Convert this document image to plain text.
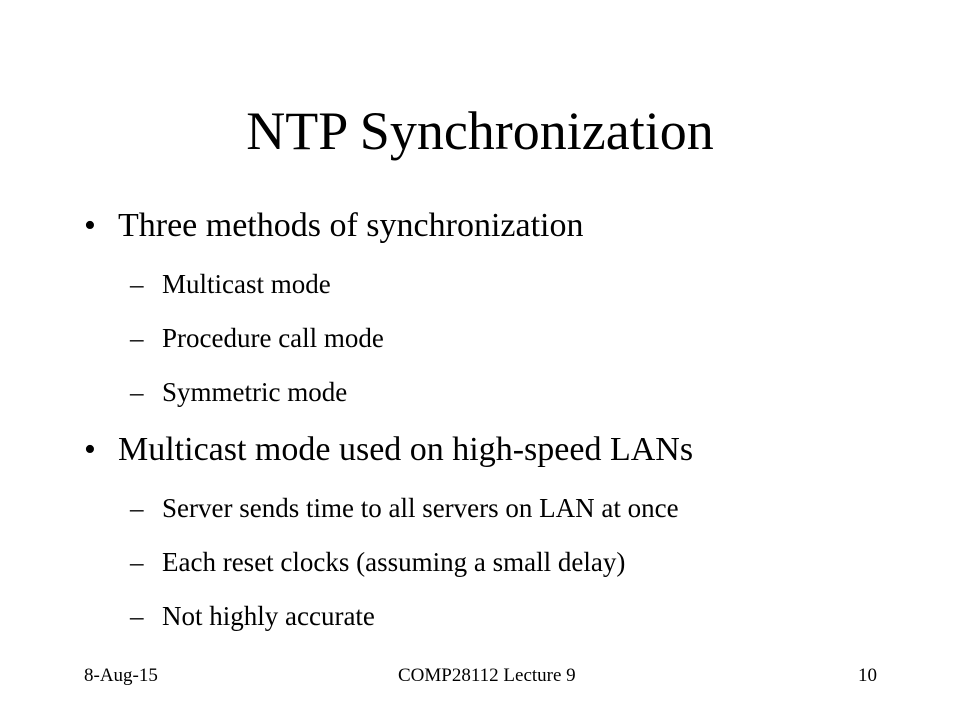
NTP Synchronization
• Three methods of synchronization
– Multicast mode
– Procedure call mode
– Symmetric mode
• Multicast mode used on high-speed LANs
– Server sends time to all servers on LAN at once
– Each reset clocks (assuming a small delay)
– Not highly accurate
8-Aug-15	COMP28112 Lecture 9	10
